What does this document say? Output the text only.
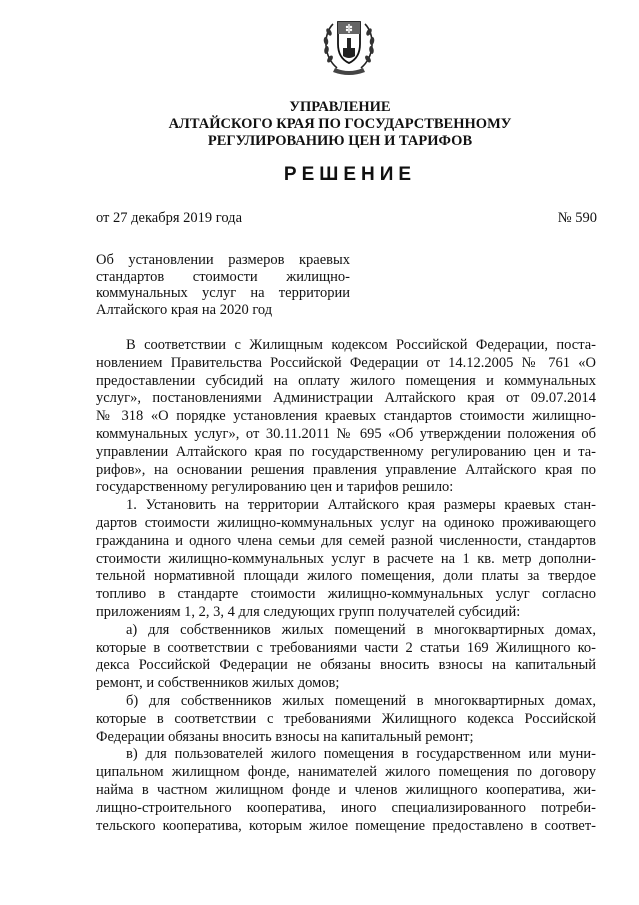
УПРАВЛЕНИЕ
АЛТАЙСКОГО КРАЯ ПО ГОСУДАРСТВЕННОМУ
РЕГУЛИРОВАНИЮ ЦЕН И ТАРИФОВ
РЕШЕНИЕ
от 27 декабря 2019 года	№ 590
Об установлении размеров краевых
стандартов стоимости жилищно-
коммунальных услуг на территории
Алтайского края на 2020 год
В соответствии с Жилищным кодексом Российской Федерации, поста-
новлением Правительства Российской Федерации от 14.12.2005 № 761 «О
предоставлении субсидий на оплату жилого помещения и коммунальных
услуг», постановлениями Администрации Алтайского края от 09.07.2014
№ 318 «О порядке установления краевых стандартов стоимости жилищно-
коммунальных услуг», от 30.11.2011 № 695 «Об утверждении положения об
управлении Алтайского края по государственному регулированию цен и та-
рифов», на основании решения правления управление Алтайского края по
государственному регулированию цен и тарифов решило:
1. Установить на территории Алтайского края размеры краевых стан-
дартов стоимости жилищно-коммунальных услуг на одиноко проживающего
гражданина и одного члена семьи для семей разной численности, стандартов
стоимости жилищно-коммунальных услуг в расчете на 1 кв. метр дополни-
тельной нормативной площади жилого помещения, доли платы за твердое
топливо в стандарте стоимости жилищно-коммунальных услуг согласно
приложениям 1, 2, 3, 4 для следующих групп получателей субсидий:
а) для собственников жилых помещений в многоквартирных домах,
которые в соответствии с требованиями части 2 статьи 169 Жилищного ко-
декса Российской Федерации не обязаны вносить взносы на капитальный
ремонт, и собственников жилых домов;
б) для собственников жилых помещений в многоквартирных домах,
которые в соответствии с требованиями Жилищного кодекса Российской
Федерации обязаны вносить взносы на капитальный ремонт;
в) для пользователей жилого помещения в государственном или муни-
ципальном жилищном фонде, нанимателей жилого помещения по договору
найма в частном жилищном фонде и членов жилищного кооператива, жи-
лищно-строительного кооператива, иного специализированного потреби-
тельского кооператива, которым жилое помещение предоставлено в соответ-
